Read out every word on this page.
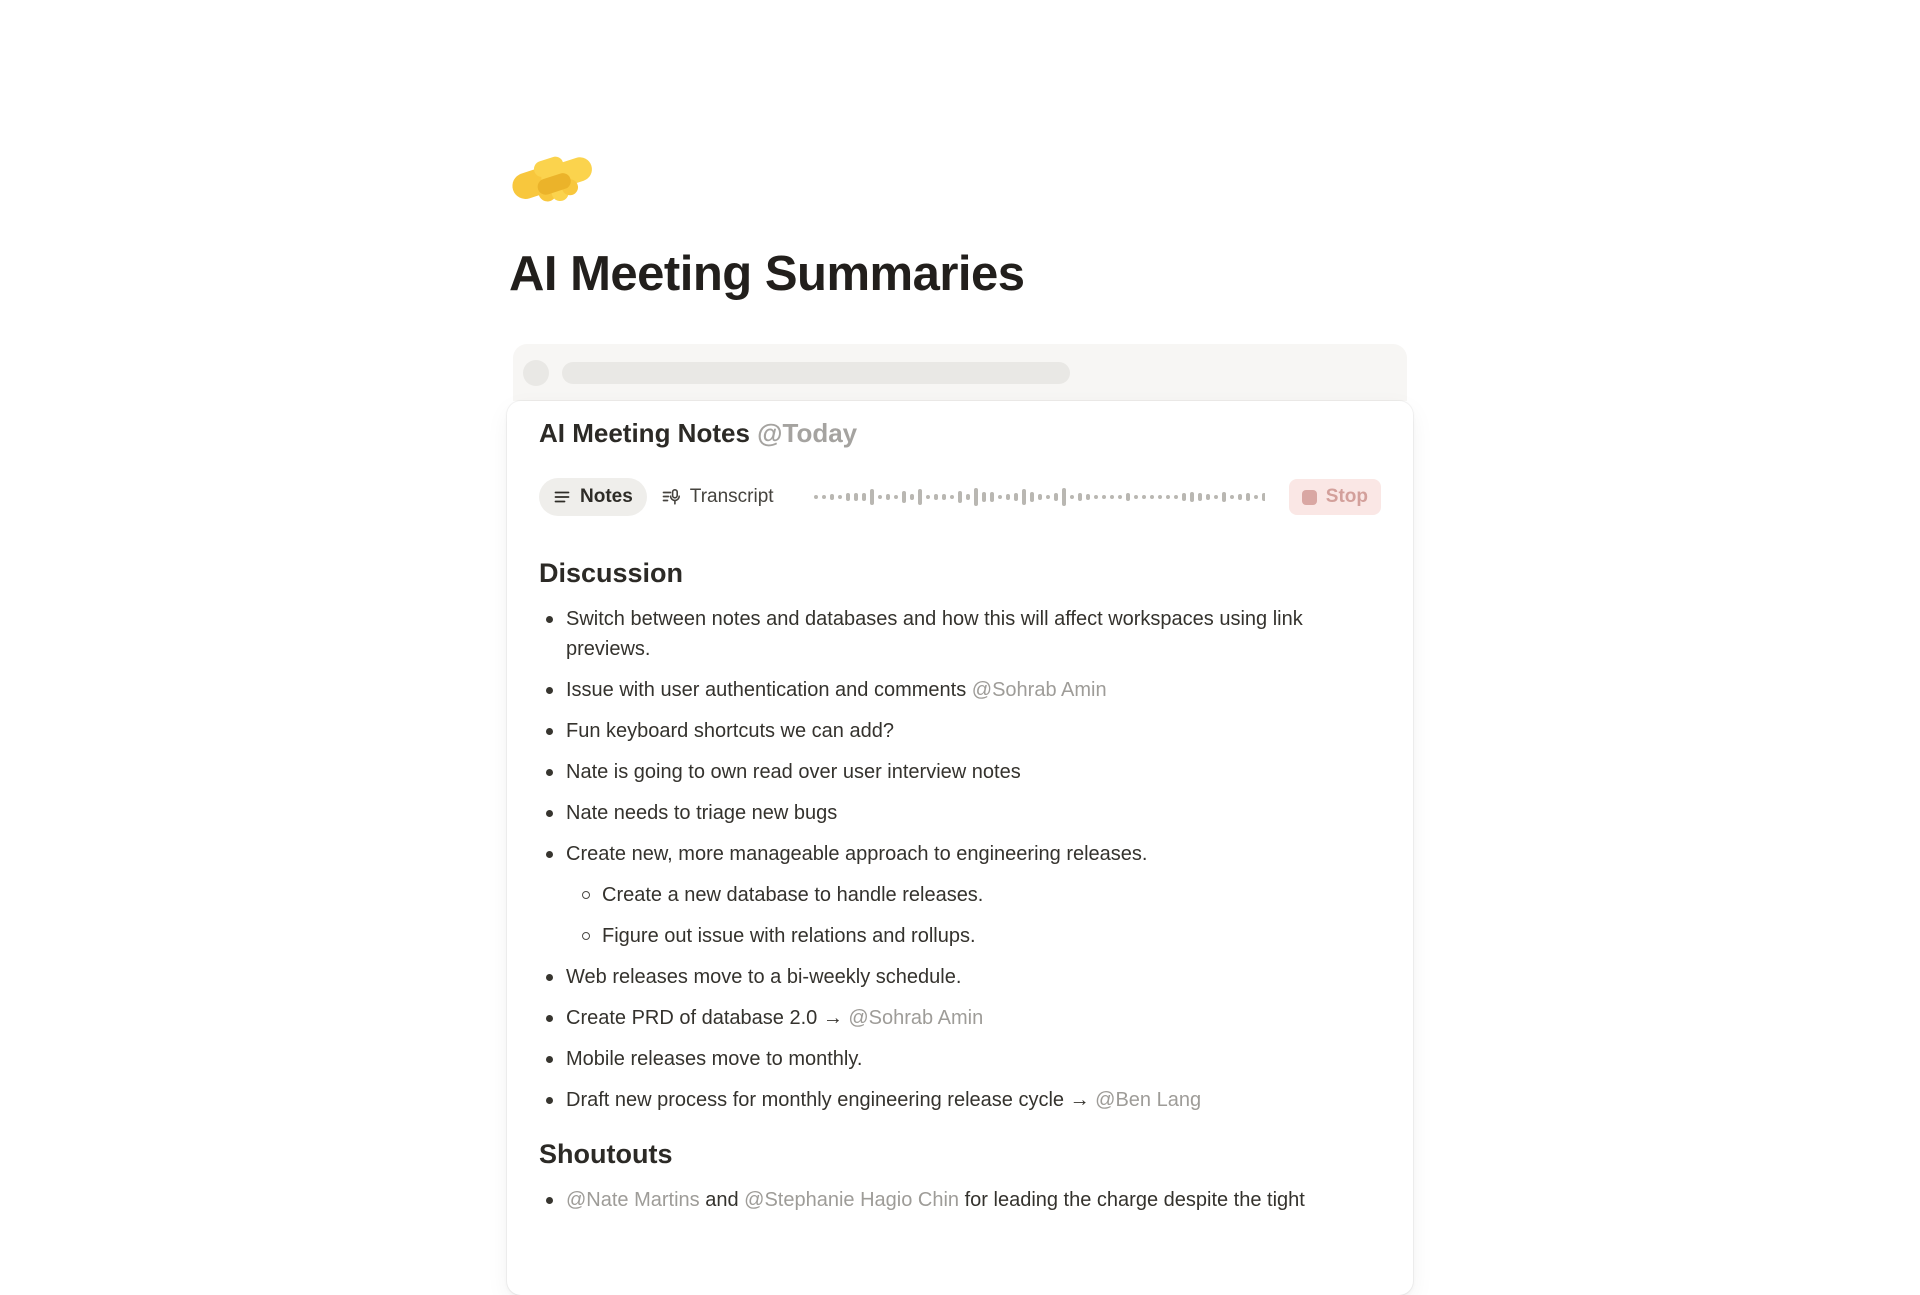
AI Meeting Summaries
AI Meeting Notes @Today
Notes	Transcript	Stop
Discussion
Switch between notes and databases and how this will affect workspaces using link previews.
Issue with user authentication and comments @Sohrab Amin
Fun keyboard shortcuts we can add?
Nate is going to own read over user interview notes
Nate needs to triage new bugs
Create new, more manageable approach to engineering releases.
Create a new database to handle releases.
Figure out issue with relations and rollups.
Web releases move to a bi-weekly schedule.
Create PRD of database 2.0 → @Sohrab Amin
Mobile releases move to monthly.
Draft new process for monthly engineering release cycle → @Ben Lang
Shoutouts
@Nate Martins and @Stephanie Hagio Chin for leading the charge despite the tight
